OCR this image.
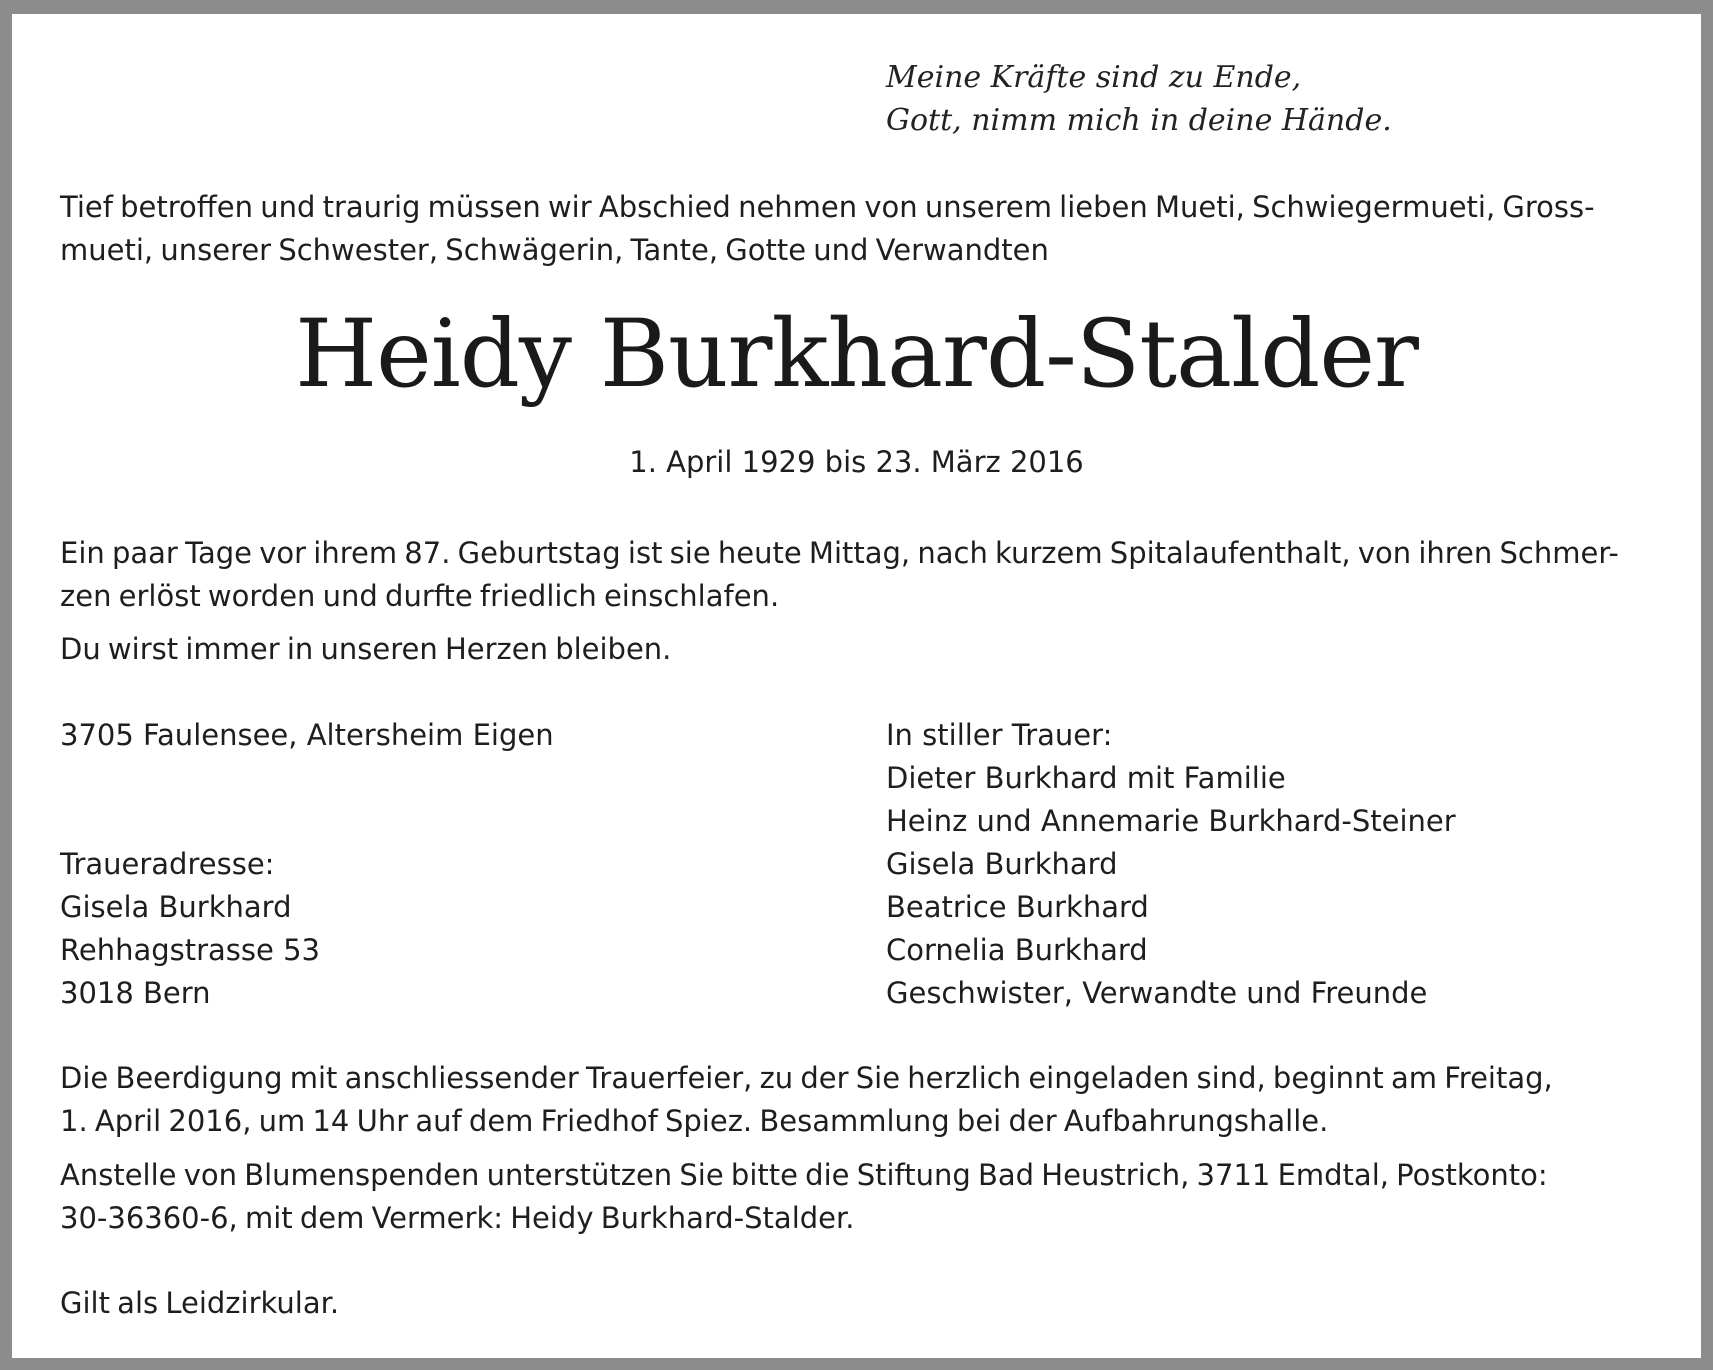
Meine Kräfte sind zu Ende,
Gott, nimm mich in deine Hände.
Tief betroffen und traurig müssen wir Abschied nehmen von unserem lieben Mueti, Schwiegermueti, Gross-
mueti, unserer Schwester, Schwägerin, Tante, Gotte und Verwandten
Heidy Burkhard-Stalder
1. April 1929 bis 23. März 2016
Ein paar Tage vor ihrem 87. Geburtstag ist sie heute Mittag, nach kurzem Spitalaufenthalt, von ihren Schmer-
zen erlöst worden und durfte friedlich einschlafen.
Du wirst immer in unseren Herzen bleiben.
3705 Faulensee, Altersheim Eigen
Traueradresse:
Gisela Burkhard
Rehhagstrasse 53
3018 Bern
In stiller Trauer:
Dieter Burkhard mit Familie
Heinz und Annemarie Burkhard-Steiner
Gisela Burkhard
Beatrice Burkhard
Cornelia Burkhard
Geschwister, Verwandte und Freunde
Die Beerdigung mit anschliessender Trauerfeier, zu der Sie herzlich eingeladen sind, beginnt am Freitag,
1. April 2016, um 14 Uhr auf dem Friedhof Spiez. Besammlung bei der Aufbahrungshalle.
Anstelle von Blumenspenden unterstützen Sie bitte die Stiftung Bad Heustrich, 3711 Emdtal, Postkonto:
30-36360-6, mit dem Vermerk: Heidy Burkhard-Stalder.
Gilt als Leidzirkular.
